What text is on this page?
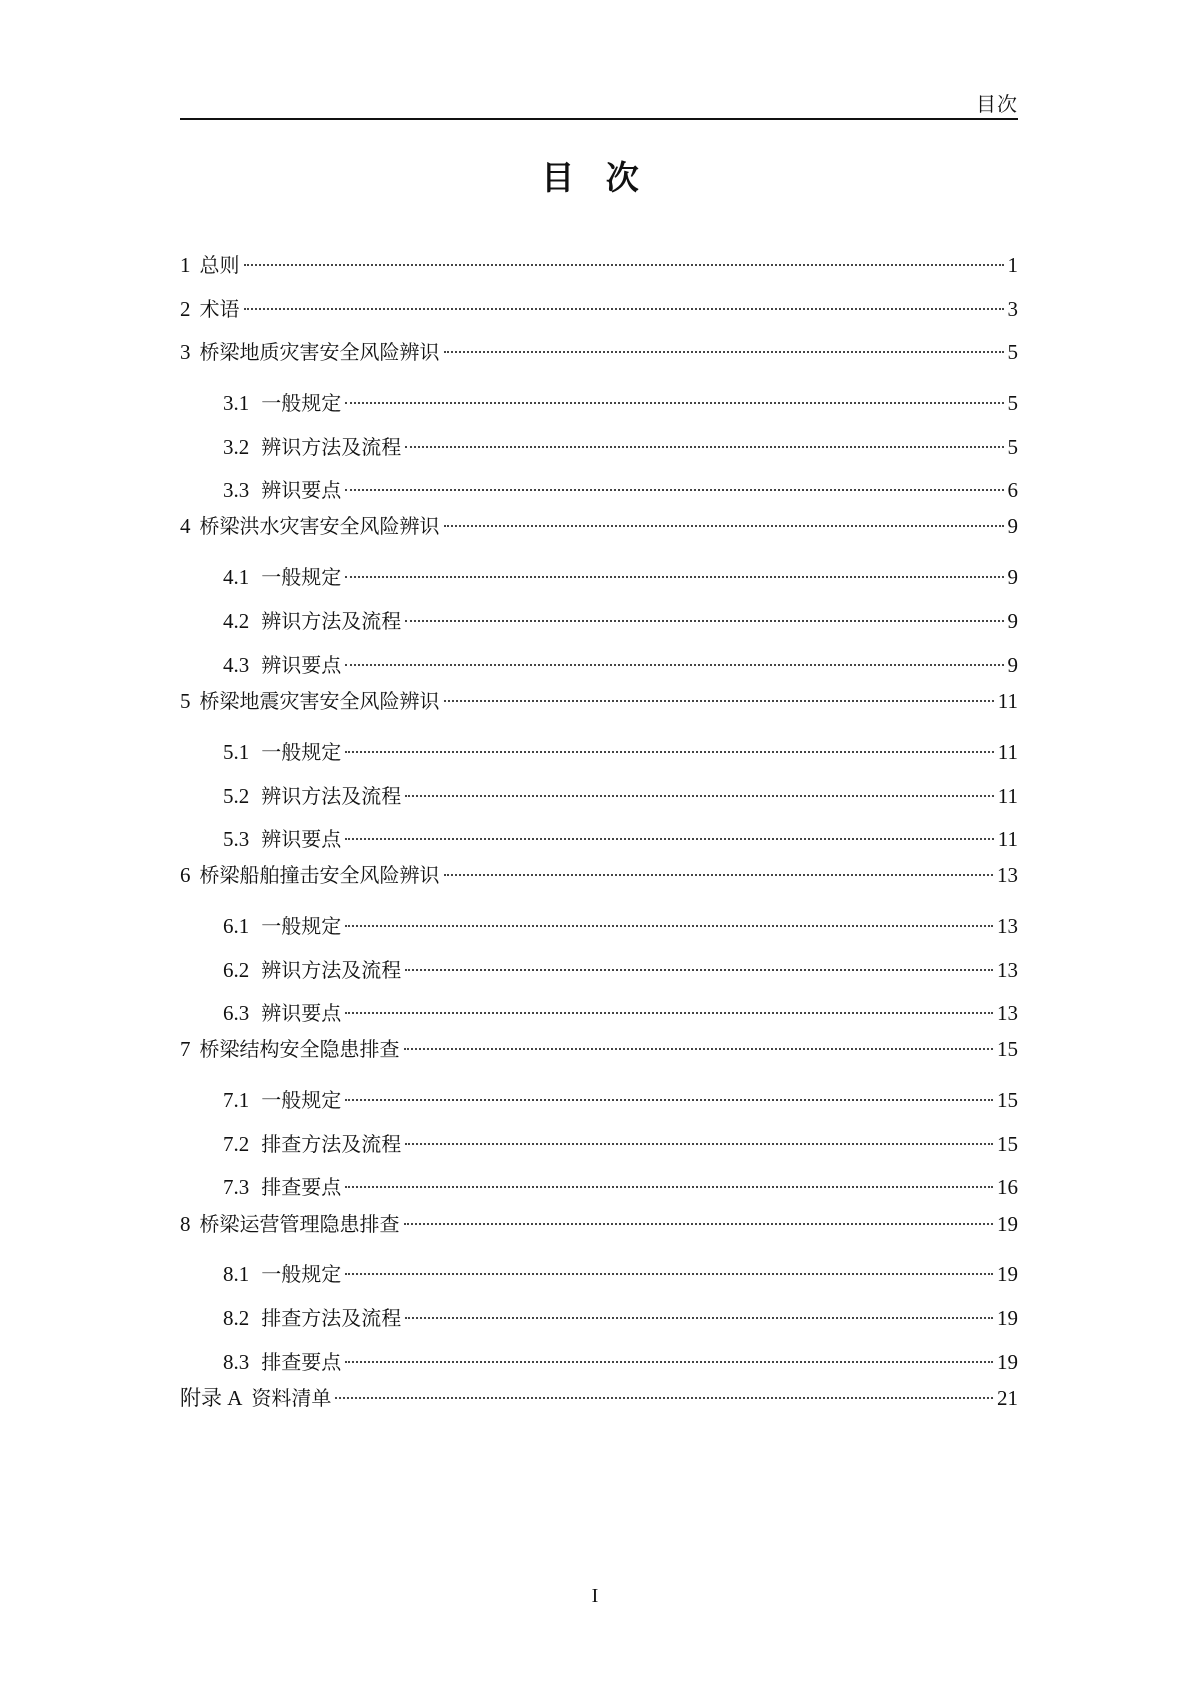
目次
目 次
1 总则	1
2 术语	3
3 桥梁地质灾害安全风险辨识	5
3.1 一般规定	5
3.2 辨识方法及流程	5
3.3 辨识要点	6
4 桥梁洪水灾害安全风险辨识	9
4.1 一般规定	9
4.2 辨识方法及流程	9
4.3 辨识要点	9
5 桥梁地震灾害安全风险辨识	11
5.1 一般规定	11
5.2 辨识方法及流程	11
5.3 辨识要点	11
6 桥梁船舶撞击安全风险辨识	13
6.1 一般规定	13
6.2 辨识方法及流程	13
6.3 辨识要点	13
7 桥梁结构安全隐患排查	15
7.1 一般规定	15
7.2 排查方法及流程	15
7.3 排查要点	16
8 桥梁运营管理隐患排查	19
8.1 一般规定	19
8.2 排查方法及流程	19
8.3 排查要点	19
附录 A 资料清单	21
I
